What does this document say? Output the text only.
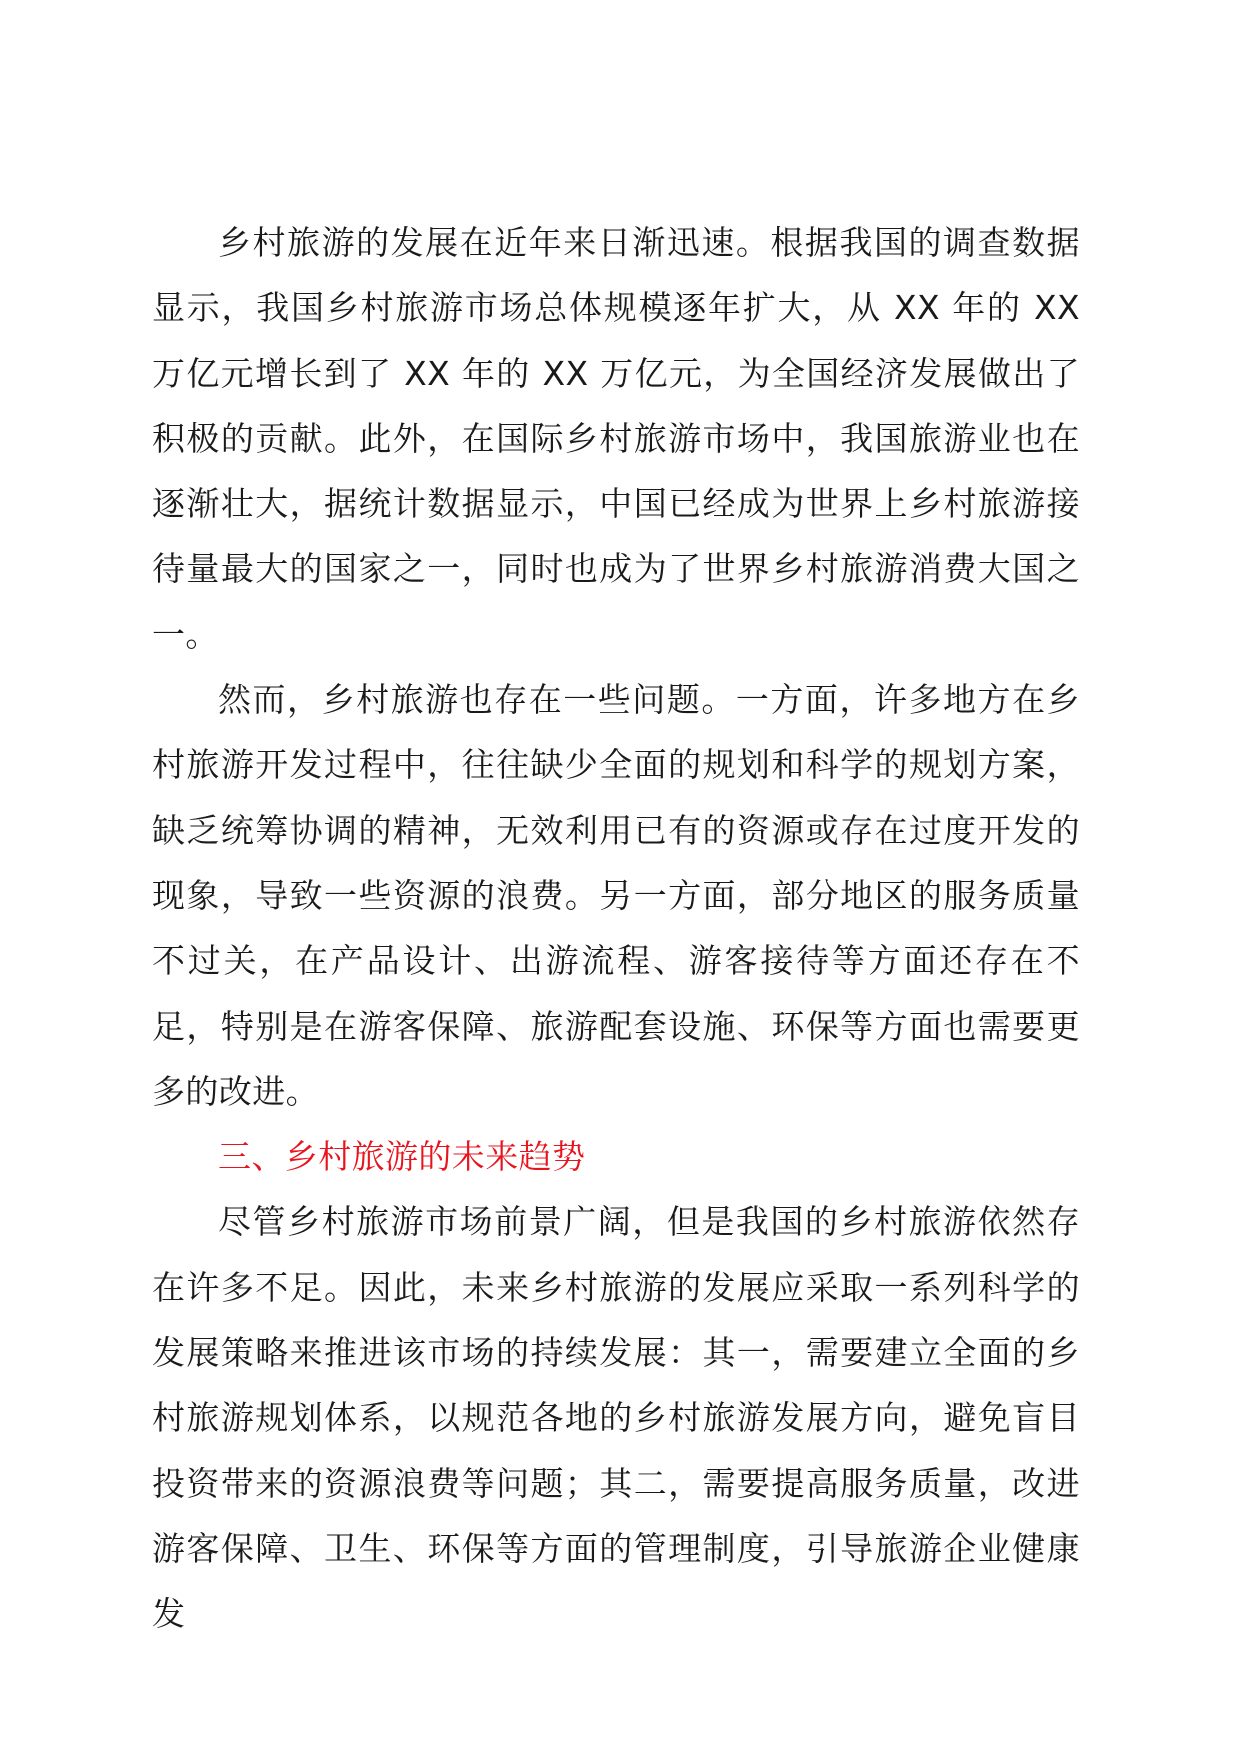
乡村旅游的发展在近年来日渐迅速。根据我国的调查数据显示，我国乡村旅游市场总体规模逐年扩大，从 XX 年的 XX 万亿元增长到了 XX 年的 XX 万亿元，为全国经济发展做出了积极的贡献。此外，在国际乡村旅游市场中，我国旅游业也在逐渐壮大，据统计数据显示，中国已经成为世界上乡村旅游接待量最大的国家之一，同时也成为了世界乡村旅游消费大国之一。

然而，乡村旅游也存在一些问题。一方面，许多地方在乡村旅游开发过程中，往往缺少全面的规划和科学的规划方案，缺乏统筹协调的精神，无效利用已有的资源或存在过度开发的现象，导致一些资源的浪费。另一方面，部分地区的服务质量不过关，在产品设计、出游流程、游客接待等方面还存在不足，特别是在游客保障、旅游配套设施、环保等方面也需要更多的改进。

三、乡村旅游的未来趋势

尽管乡村旅游市场前景广阔，但是我国的乡村旅游依然存在许多不足。因此，未来乡村旅游的发展应采取一系列科学的发展策略来推进该市场的持续发展：其一，需要建立全面的乡村旅游规划体系，以规范各地的乡村旅游发展方向，避免盲目投资带来的资源浪费等问题；其二，需要提高服务质量，改进游客保障、卫生、环保等方面的管理制度，引导旅游企业健康发
